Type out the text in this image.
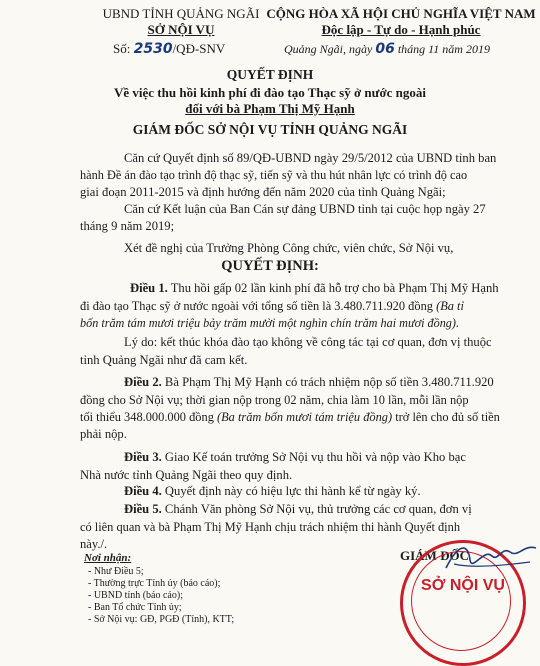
UBND TỈNH QUẢNG NGÃI
SỞ NỘI VỤ
Số: 2530/QĐ-SNV
CỘNG HÒA XÃ HỘI CHỦ NGHĨA VIỆT NAM
Độc lập - Tự do - Hạnh phúc
Quảng Ngãi, ngày 06 tháng 11 năm 2019
QUYẾT ĐỊNH
Về việc thu hồi kinh phí đi đào tạo Thạc sỹ ở nước ngoài
đối với bà Phạm Thị Mỹ Hạnh
GIÁM ĐỐC SỞ NỘI VỤ TỈNH QUẢNG NGÃI
Căn cứ Quyết định số 89/QĐ-UBND ngày 29/5/2012 của UBND tỉnh ban
hành Đề án đào tạo trình độ thạc sỹ, tiến sỹ và thu hút nhân lực có trình độ cao
giai đoạn 2011-2015 và định hướng đến năm 2020 của tỉnh Quảng Ngãi;
Căn cứ Kết luận của Ban Cán sự đảng UBND tỉnh tại cuộc họp ngày 27
tháng 9 năm 2019;
Xét đề nghị của Trưởng Phòng Công chức, viên chức, Sở Nội vụ,
QUYẾT ĐỊNH:
Điều 1. Thu hồi gấp 02 lần kinh phí đã hỗ trợ cho bà Phạm Thị Mỹ Hạnh
đi đào tạo Thạc sỹ ở nước ngoài với tổng số tiền là 3.480.711.920 đồng (Ba tỉ
bốn trăm tám mươi triệu bảy trăm mười một nghìn chín trăm hai mươi đồng).
Lý do: kết thúc khóa đào tạo không về công tác tại cơ quan, đơn vị thuộc
tỉnh Quảng Ngãi như đã cam kết.
Điều 2. Bà Phạm Thị Mỹ Hạnh có trách nhiệm nộp số tiền 3.480.711.920
đồng cho Sở Nội vụ; thời gian nộp trong 02 năm, chia làm 10 lần, mỗi lần nộp
tối thiểu 348.000.000 đồng (Ba trăm bốn mươi tám triệu đồng) trở lên cho đủ số tiền
phải nộp.
Điều 3. Giao Kế toán trưởng Sở Nội vụ thu hồi và nộp vào Kho bạc
Nhà nước tỉnh Quảng Ngãi theo quy định.
Điều 4. Quyết định này có hiệu lực thi hành kể từ ngày ký.
Điều 5. Chánh Văn phòng Sở Nội vụ, thủ trưởng các cơ quan, đơn vị
có liên quan và bà Phạm Thị Mỹ Hạnh chịu trách nhiệm thi hành Quyết định
này./.
Nơi nhận:
- Như Điều 5;
- Thường trực Tỉnh ủy (báo cáo);
- UBND tỉnh (báo cáo);
- Ban Tổ chức Tỉnh ủy;
- Sở Nội vụ: GĐ, PGĐ (Tỉnh), KTT;
GIÁM ĐỐC
SỞ NỘI VỤ
